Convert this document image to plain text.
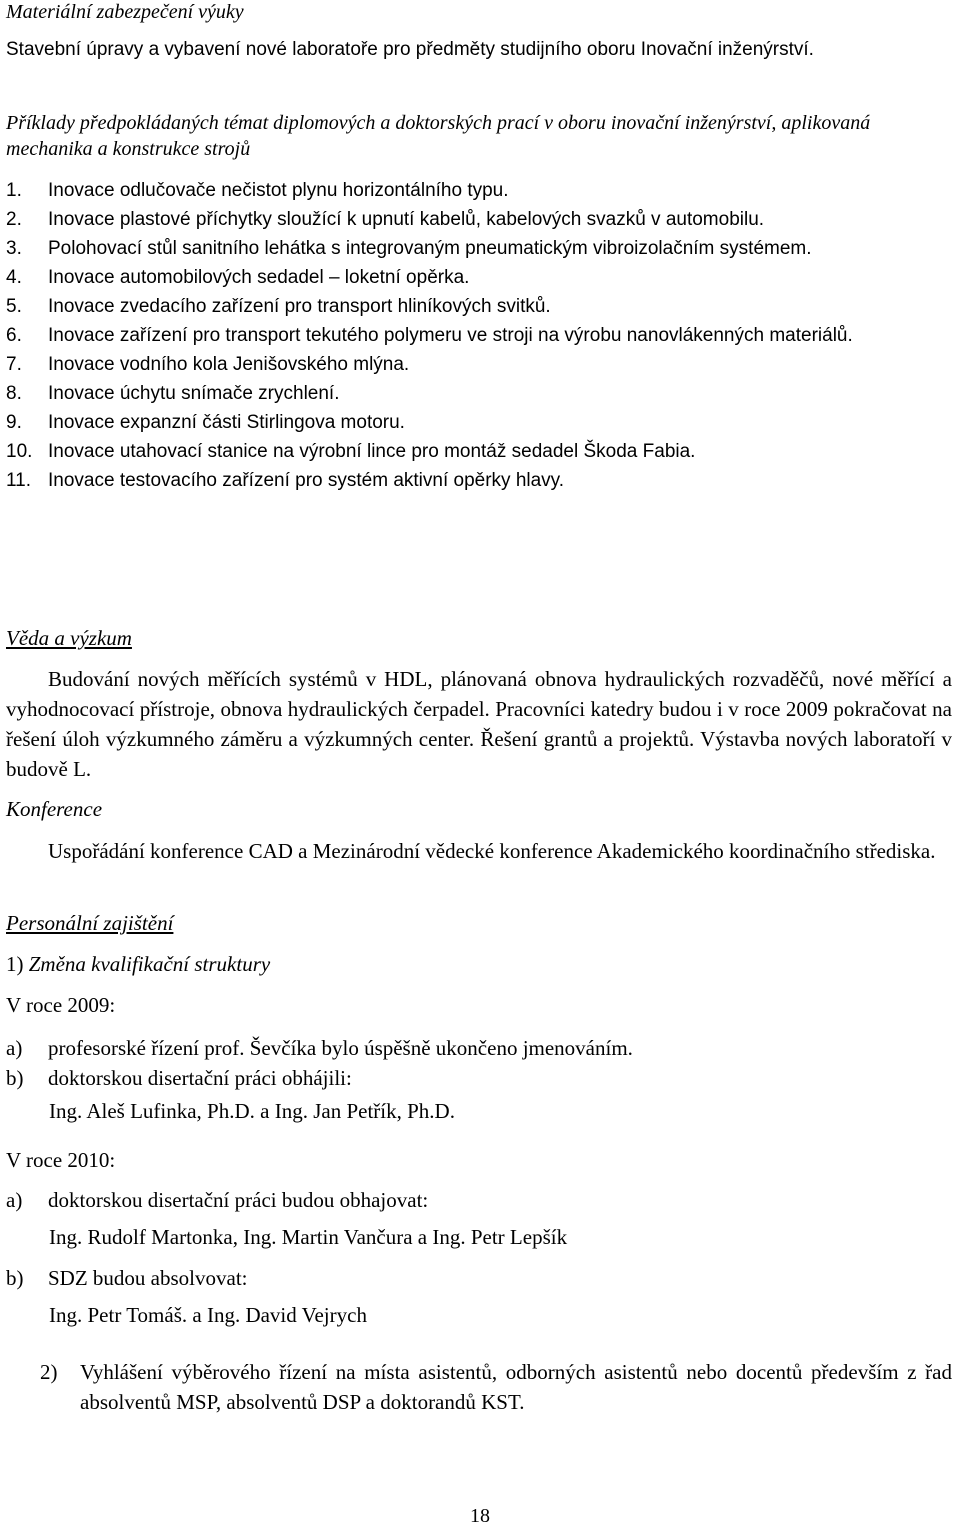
Materiální zabezpečení výuky
Stavební úpravy a vybavení nové laboratoře pro předměty studijního oboru Inovační inženýrství.
Příklady předpokládaných témat diplomových a doktorských prací v oboru inovační inženýrství, aplikovaná mechanika a konstrukce strojů
1.	Inovace odlučovače nečistot plynu horizontálního typu.
2.	Inovace plastové příchytky sloužící k upnutí kabelů, kabelových svazků v automobilu.
3.	Polohovací stůl sanitního lehátka s integrovaným pneumatickým vibroizolačním systémem.
4.	Inovace automobilových sedadel – loketní opěrka.
5.	Inovace zvedacího zařízení pro transport hliníkových svitků.
6.	Inovace zařízení pro transport tekutého polymeru ve stroji na výrobu nanovlákenných materiálů.
7.	Inovace vodního kola Jenišovského mlýna.
8.	Inovace úchytu snímače zrychlení.
9.	Inovace expanzní části Stirlingova motoru.
10. Inovace utahovací stanice na výrobní lince pro montáž sedadel Škoda Fabia.
11. Inovace testovacího zařízení pro systém aktivní opěrky hlavy.
Věda a výzkum
Budování nových měřících systémů v HDL, plánovaná obnova hydraulických rozvaděčů, nové měřící a vyhodnocovací přístroje, obnova hydraulických čerpadel. Pracovníci katedry budou i v roce 2009 pokračovat na řešení úloh výzkumného záměru a výzkumných center. Řešení grantů a projektů. Výstavba nových laboratoří v budově L.
Konference
Uspořádání konference CAD a Mezinárodní vědecké konference Akademického koordinačního střediska.
Personální zajištění
1) Změna kvalifikační struktury
V roce 2009:
a)	profesorské řízení prof. Ševčíka bylo úspěšně ukončeno jmenováním.
b)	doktorskou disertační práci obhájili:
Ing. Aleš Lufinka, Ph.D. a Ing. Jan Petřík, Ph.D.
V roce 2010:
a)	doktorskou disertační práci budou obhajovat:
Ing. Rudolf Martonka, Ing. Martin Vančura a Ing. Petr Lepšík
b)	SDZ budou absolvovat:
Ing. Petr Tomáš. a Ing. David Vejrych
2)	Vyhlášení výběrového řízení na místa asistentů, odborných asistentů nebo docentů především z řad absolventů MSP, absolventů DSP a doktorandů KST.
18
